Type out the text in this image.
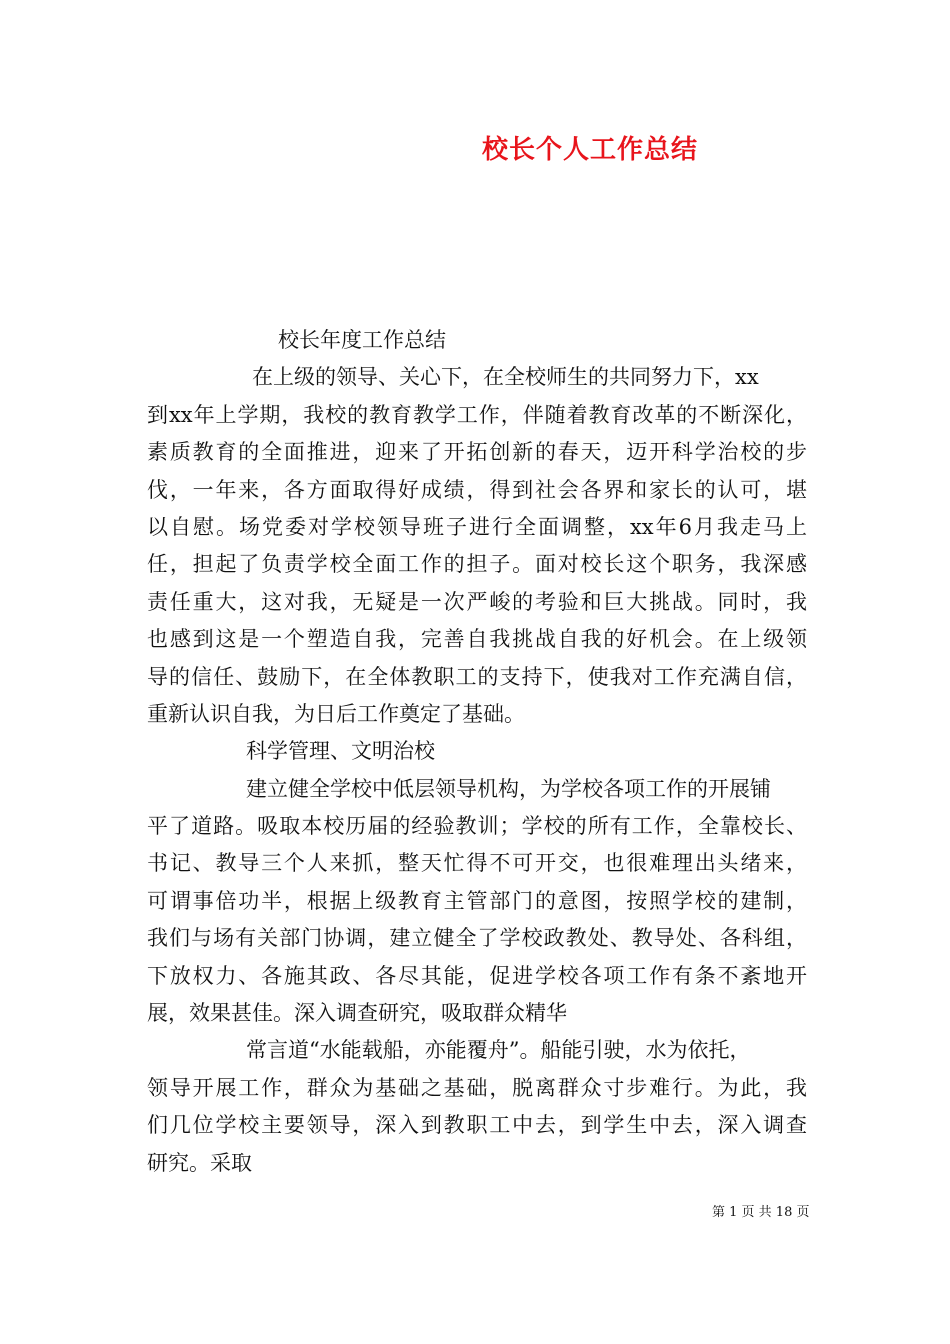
校长个人工作总结
校长年度工作总结
在上级的领导、关心下，在全校师生的共同努力下，xx
到xx年上学期，我校的教育教学工作，伴随着教育改革的不断深化，
素质教育的全面推进，迎来了开拓创新的春天，迈开科学治校的步
伐，一年来，各方面取得好成绩，得到社会各界和家长的认可，堪
以自慰。场党委对学校领导班子进行全面调整，xx年6月我走马上
任，担起了负责学校全面工作的担子。面对校长这个职务，我深感
责任重大，这对我，无疑是一次严峻的考验和巨大挑战。同时，我
也感到这是一个塑造自我，完善自我挑战自我的好机会。在上级领
导的信任、鼓励下，在全体教职工的支持下，使我对工作充满自信，
重新认识自我，为日后工作奠定了基础。
科学管理、文明治校
建立健全学校中低层领导机构，为学校各项工作的开展铺
平了道路。吸取本校历届的经验教训；学校的所有工作，全靠校长、
书记、教导三个人来抓，整天忙得不可开交，也很难理出头绪来，
可谓事倍功半，根据上级教育主管部门的意图，按照学校的建制，
我们与场有关部门协调，建立健全了学校政教处、教导处、各科组，
下放权力、各施其政、各尽其能，促进学校各项工作有条不紊地开
展，效果甚佳。深入调查研究，吸取群众精华
常言道“水能载船，亦能覆舟”。船能引驶，水为依托，
领导开展工作，群众为基础之基础，脱离群众寸步难行。为此，我
们几位学校主要领导，深入到教职工中去，到学生中去，深入调查
研究。采取
第 1 页 共 18 页
